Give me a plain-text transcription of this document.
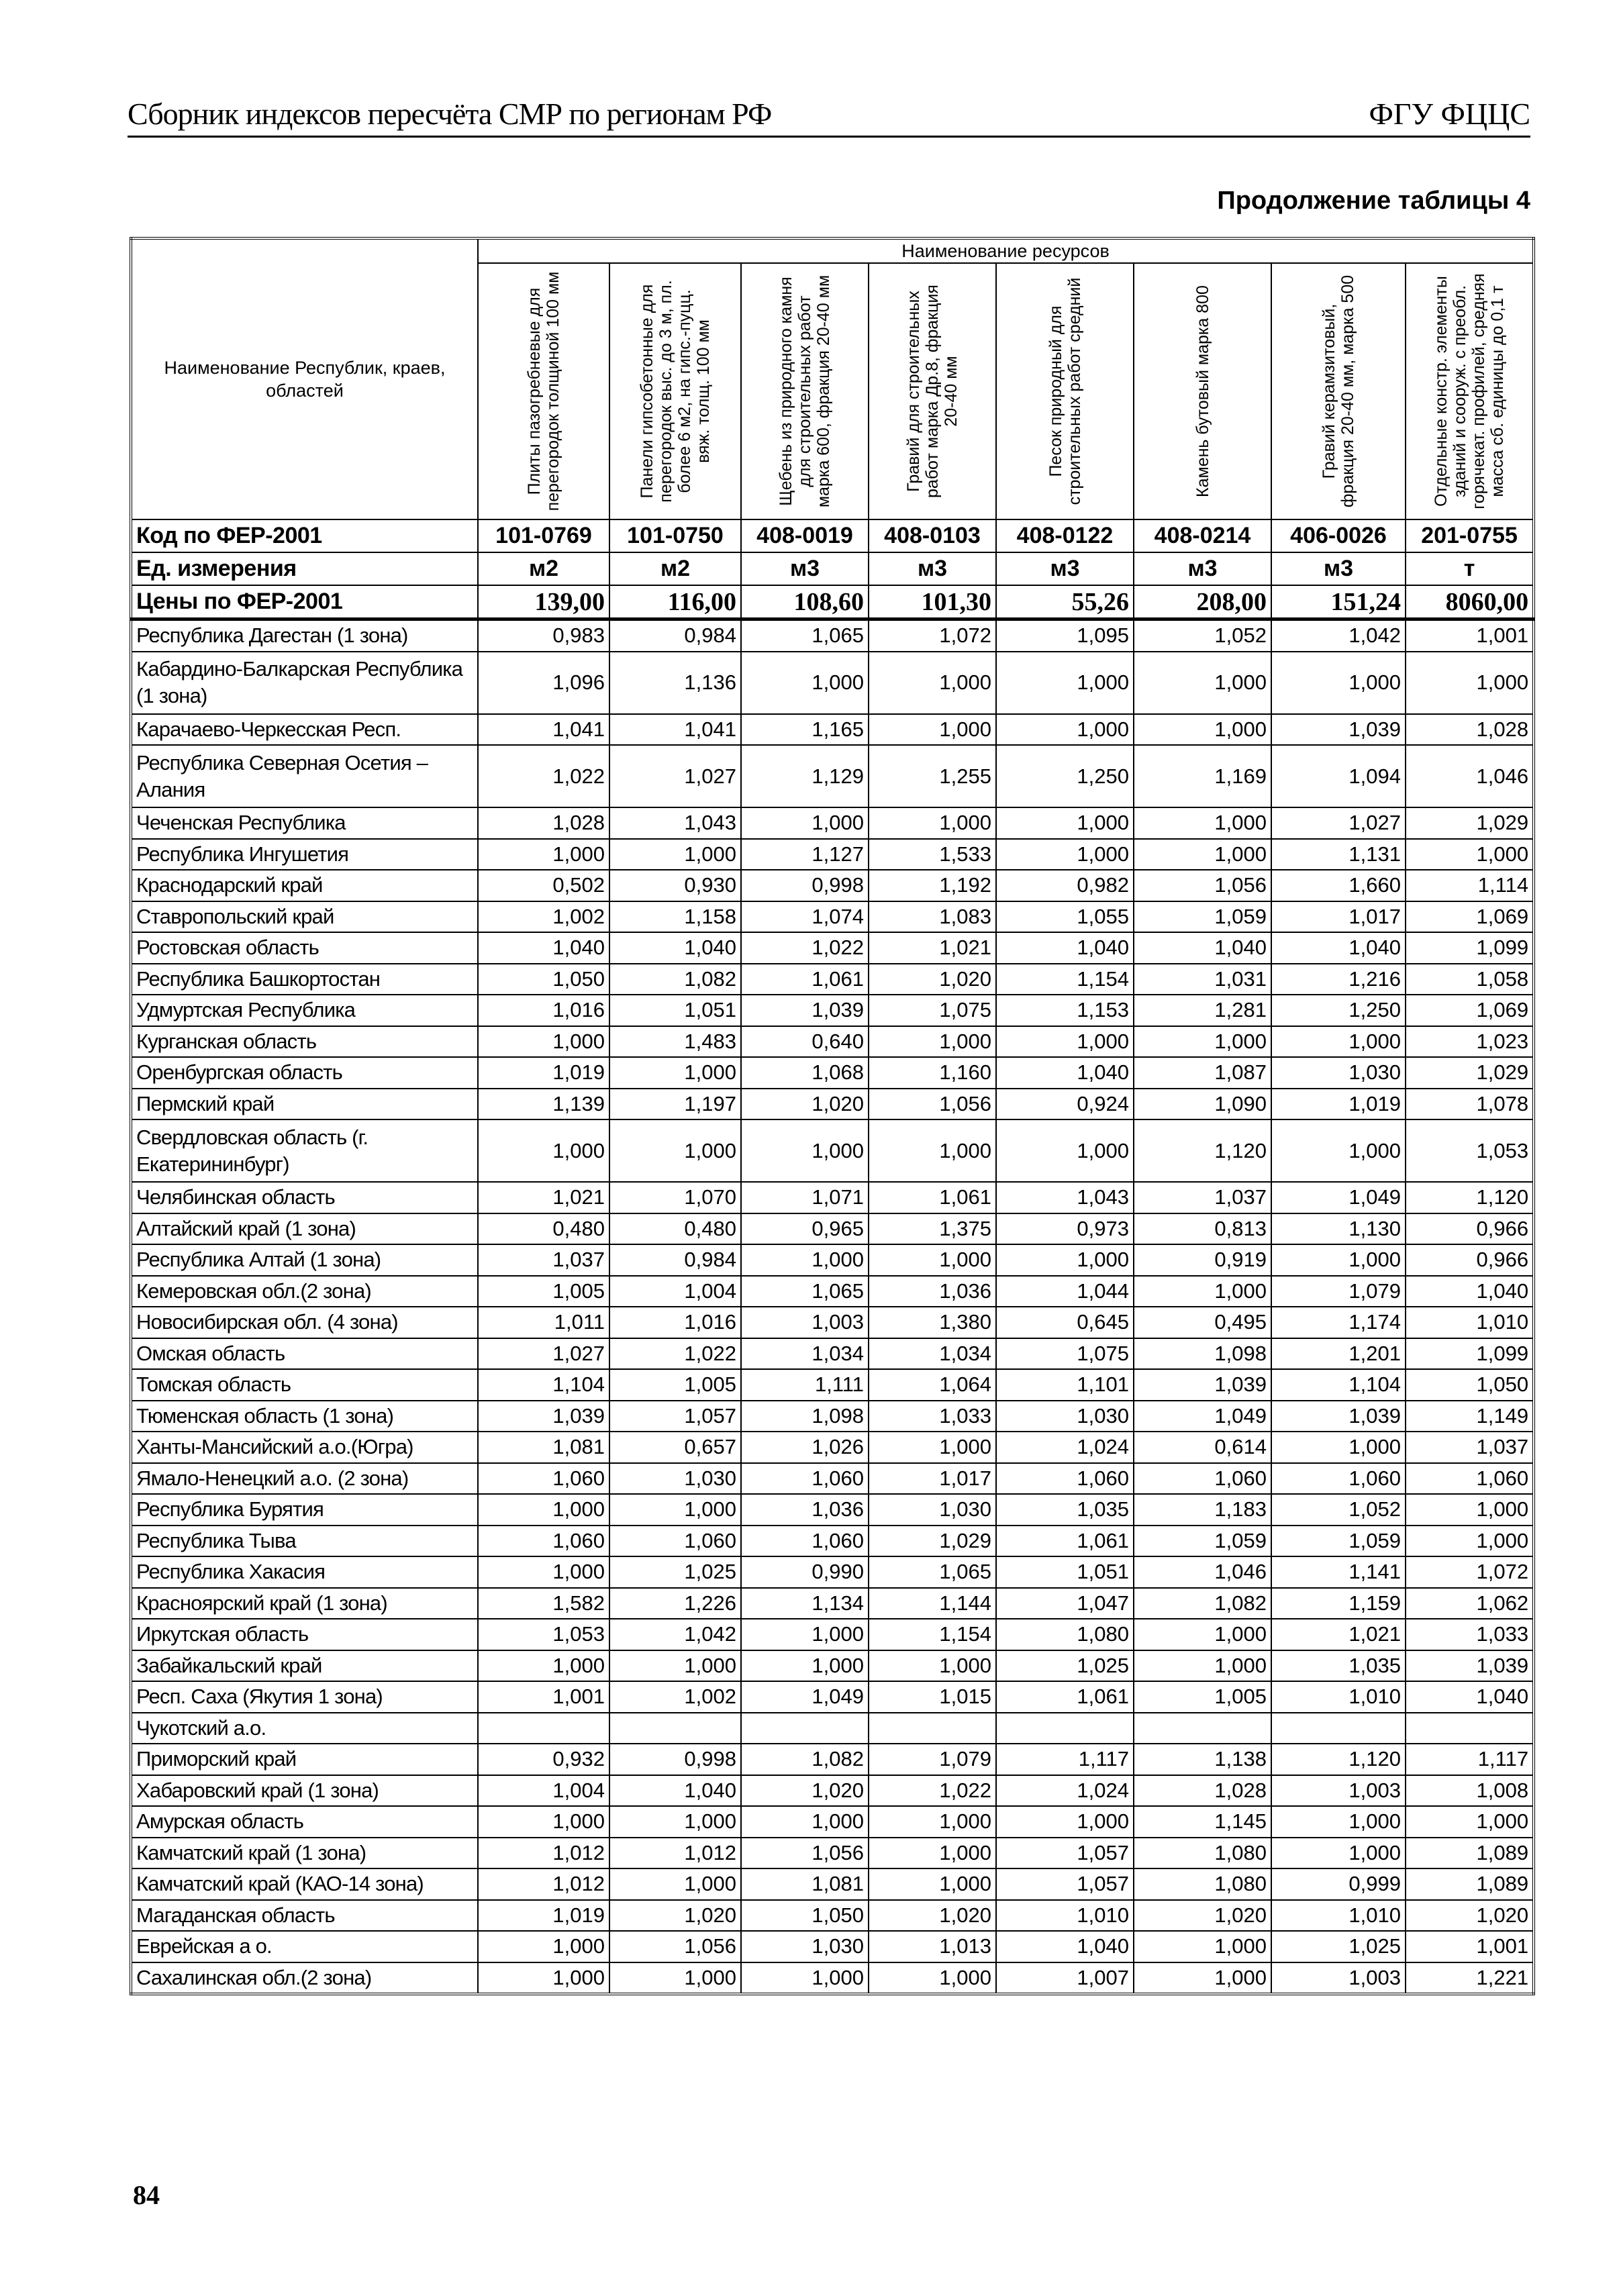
Сборник индексов пересчёта СМР по регионам РФ	ФГУ ФЦЦС
Продолжение таблицы 4
Наименование Республик, краев, областей	Наименование ресурсов							

	Плиты пазогребневые для перегородок толщиной 100 мм	Панели гипсобетонные для перегородок выс. до 3 м, пл. более 6 м2, на гипс.-пуцц. вяж. толщ. 100 мм	Щебень из природного камня для строительных работ марка 600, фракция 20-40 мм	Гравий для строительных работ марка Др.8, фракция 20-40 мм	Песок природный для строительных работ средний	Камень бутовый марка 800	Гравий керамзитовый, фракция 20-40 мм, марка 500	Отдельные констр. элементы зданий и сооруж. с преобл. горячекат. профилей, средняя масса сб. единицы до 0,1 т

Код по ФЕР-2001	101-0769	101-0750	408-0019	408-0103	408-0122	408-0214	406-0026	201-0755
Ед. измерения	м2	м2	м3	м3	м3	м3	м3	т
Цены по ФЕР-2001	139,00	116,00	108,60	101,30	55,26	208,00	151,24	8060,00
Республика Дагестан (1 зона)	0,983	0,984	1,065	1,072	1,095	1,052	1,042	1,001
Кабардино-Балкарская Республика (1 зона)	1,096	1,136	1,000	1,000	1,000	1,000	1,000	1,000
Карачаево-Черкесская Респ.	1,041	1,041	1,165	1,000	1,000	1,000	1,039	1,028
Республика Северная Осетия – Алания	1,022	1,027	1,129	1,255	1,250	1,169	1,094	1,046
Чеченская Республика	1,028	1,043	1,000	1,000	1,000	1,000	1,027	1,029
Республика Ингушетия	1,000	1,000	1,127	1,533	1,000	1,000	1,131	1,000
Краснодарский край	0,502	0,930	0,998	1,192	0,982	1,056	1,660	1,114
Ставропольский край	1,002	1,158	1,074	1,083	1,055	1,059	1,017	1,069
Ростовская область	1,040	1,040	1,022	1,021	1,040	1,040	1,040	1,099
Республика Башкортостан	1,050	1,082	1,061	1,020	1,154	1,031	1,216	1,058
Удмуртская Республика	1,016	1,051	1,039	1,075	1,153	1,281	1,250	1,069
Курганская область	1,000	1,483	0,640	1,000	1,000	1,000	1,000	1,023
Оренбургская область	1,019	1,000	1,068	1,160	1,040	1,087	1,030	1,029
Пермский край	1,139	1,197	1,020	1,056	0,924	1,090	1,019	1,078
Свердловская область (г. Екатерининбург)	1,000	1,000	1,000	1,000	1,000	1,120	1,000	1,053
Челябинская область	1,021	1,070	1,071	1,061	1,043	1,037	1,049	1,120
Алтайский край (1 зона)	0,480	0,480	0,965	1,375	0,973	0,813	1,130	0,966
Республика Алтай (1 зона)	1,037	0,984	1,000	1,000	1,000	0,919	1,000	0,966
Кемеровская обл.(2 зона)	1,005	1,004	1,065	1,036	1,044	1,000	1,079	1,040
Новосибирская обл. (4 зона)	1,011	1,016	1,003	1,380	0,645	0,495	1,174	1,010
Омская область	1,027	1,022	1,034	1,034	1,075	1,098	1,201	1,099
Томская область	1,104	1,005	1,111	1,064	1,101	1,039	1,104	1,050
Тюменская область (1 зона)	1,039	1,057	1,098	1,033	1,030	1,049	1,039	1,149
Ханты-Мансийский а.о.(Югра)	1,081	0,657	1,026	1,000	1,024	0,614	1,000	1,037
Ямало-Ненецкий а.о. (2 зона)	1,060	1,030	1,060	1,017	1,060	1,060	1,060	1,060
Республика Бурятия	1,000	1,000	1,036	1,030	1,035	1,183	1,052	1,000
Республика Тыва	1,060	1,060	1,060	1,029	1,061	1,059	1,059	1,000
Республика Хакасия	1,000	1,025	0,990	1,065	1,051	1,046	1,141	1,072
Красноярский край (1 зона)	1,582	1,226	1,134	1,144	1,047	1,082	1,159	1,062
Иркутская область	1,053	1,042	1,000	1,154	1,080	1,000	1,021	1,033
Забайкальский край	1,000	1,000	1,000	1,000	1,025	1,000	1,035	1,039
Респ. Саха (Якутия 1 зона)	1,001	1,002	1,049	1,015	1,061	1,005	1,010	1,040
Чукотский а.о.								
Приморский край	0,932	0,998	1,082	1,079	1,117	1,138	1,120	1,117
Хабаровский край (1 зона)	1,004	1,040	1,020	1,022	1,024	1,028	1,003	1,008
Амурская область	1,000	1,000	1,000	1,000	1,000	1,145	1,000	1,000
Камчатский край (1 зона)	1,012	1,012	1,056	1,000	1,057	1,080	1,000	1,089
Камчатский край (КАО-14 зона)	1,012	1,000	1,081	1,000	1,057	1,080	0,999	1,089
Магаданская область	1,019	1,020	1,050	1,020	1,010	1,020	1,010	1,020
Еврейская а о.	1,000	1,056	1,030	1,013	1,040	1,000	1,025	1,001
Сахалинская обл.(2 зона)	1,000	1,000	1,000	1,000	1,007	1,000	1,003	1,221
84
